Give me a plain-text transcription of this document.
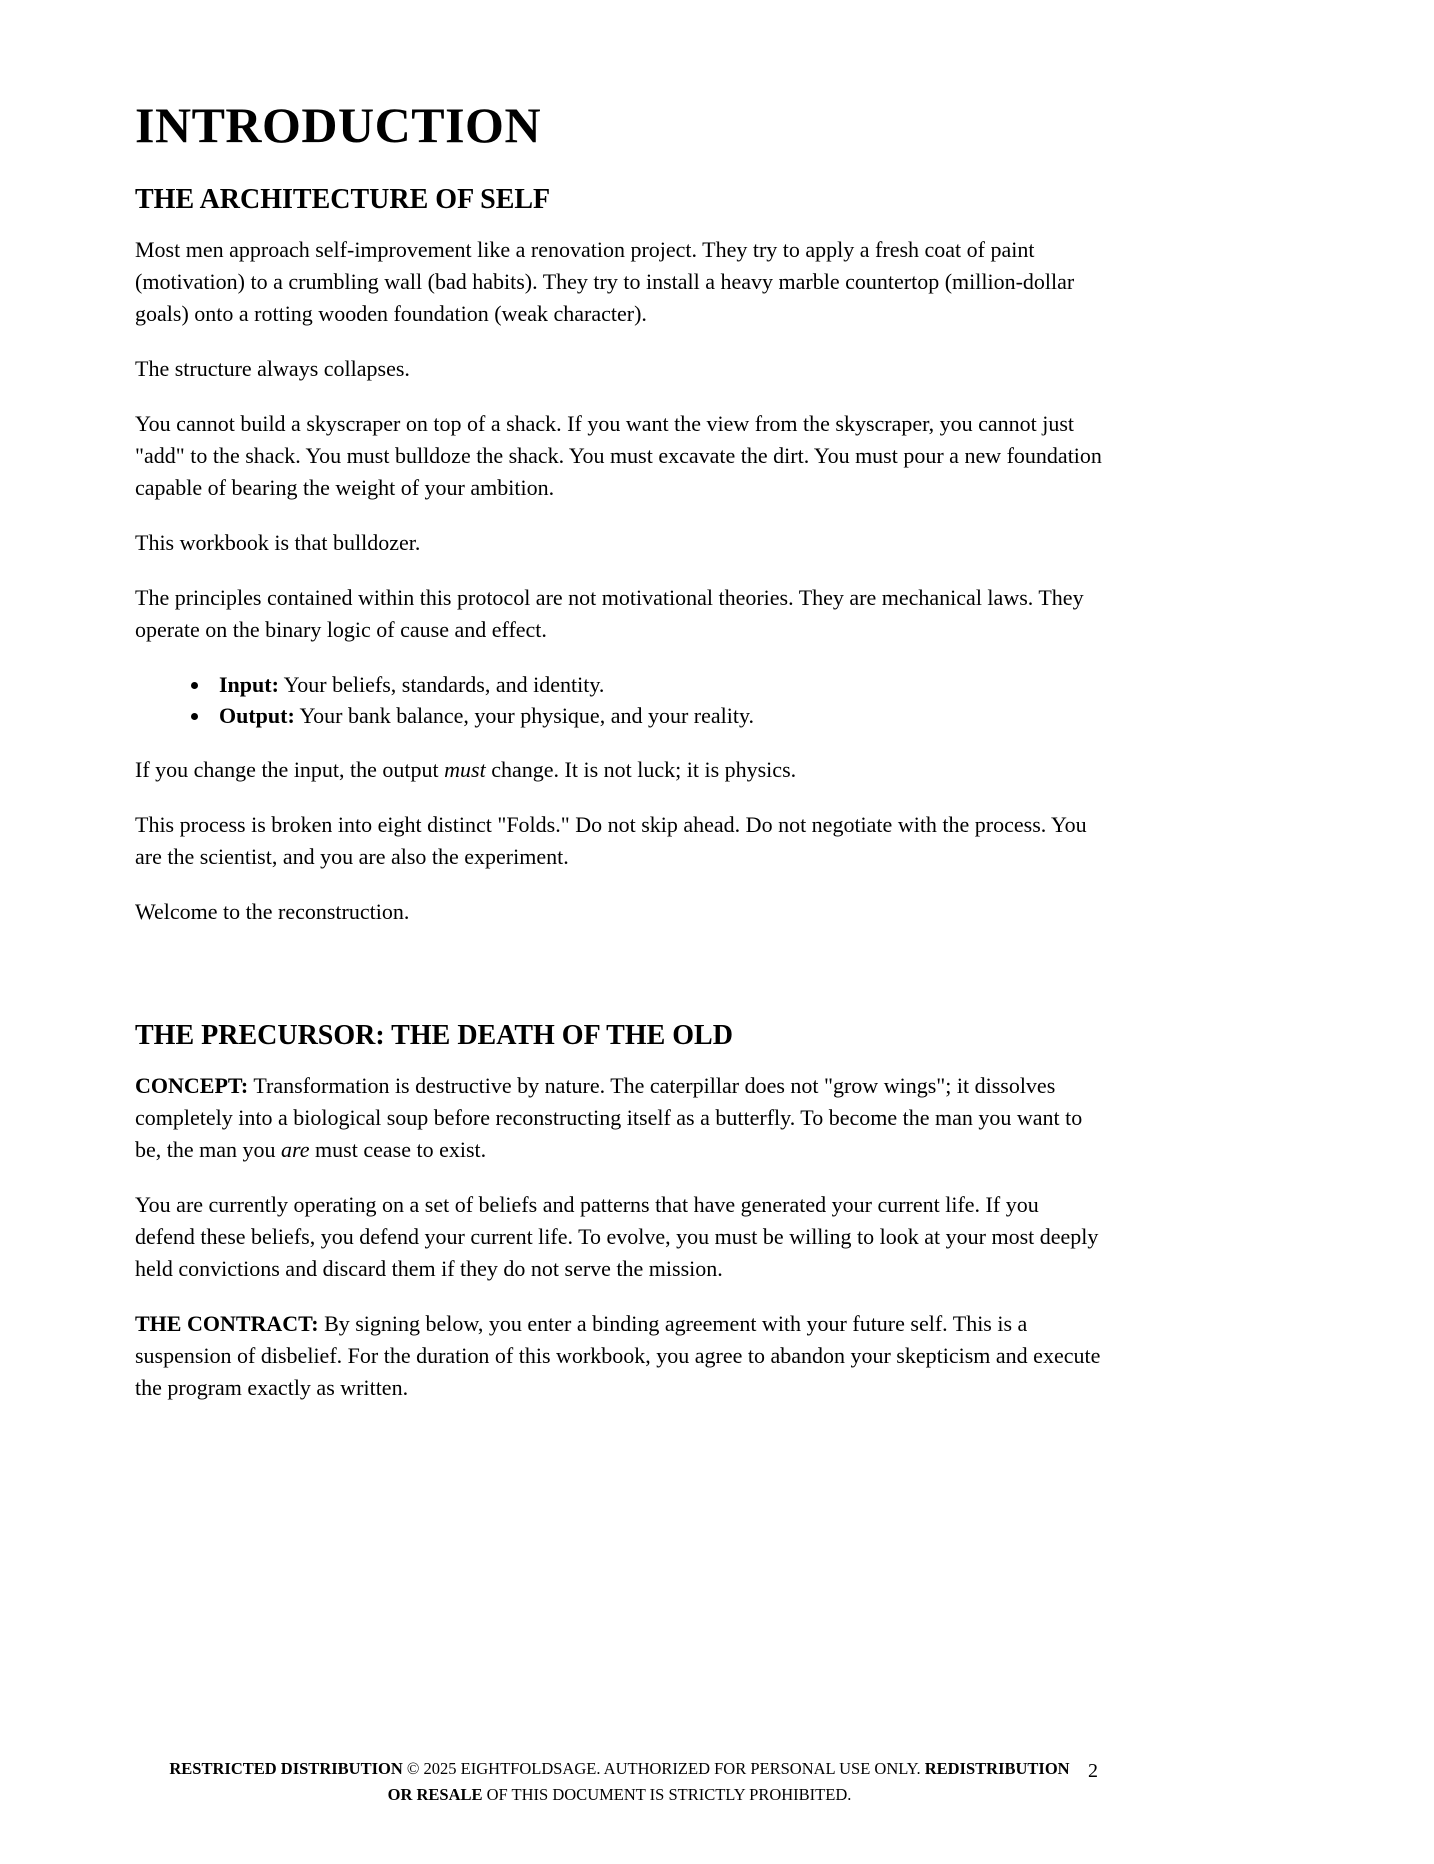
INTRODUCTION
THE ARCHITECTURE OF SELF

Most men approach self-improvement like a renovation project. They try to apply a fresh coat of paint (motivation) to a crumbling wall (bad habits). They try to install a heavy marble countertop (million-dollar goals) onto a rotting wooden foundation (weak character).

The structure always collapses.

You cannot build a skyscraper on top of a shack. If you want the view from the skyscraper, you cannot just "add" to the shack. You must bulldoze the shack. You must excavate the dirt. You must pour a new foundation capable of bearing the weight of your ambition.

This workbook is that bulldozer.

The principles contained within this protocol are not motivational theories. They are mechanical laws. They operate on the binary logic of cause and effect.

• Input: Your beliefs, standards, and identity.
• Output: Your bank balance, your physique, and your reality.

If you change the input, the output must change. It is not luck; it is physics.

This process is broken into eight distinct "Folds." Do not skip ahead. Do not negotiate with the process. You are the scientist, and you are also the experiment.

Welcome to the reconstruction.

THE PRECURSOR: THE DEATH OF THE OLD

CONCEPT: Transformation is destructive by nature. The caterpillar does not "grow wings"; it dissolves completely into a biological soup before reconstructing itself as a butterfly. To become the man you want to be, the man you are must cease to exist.

You are currently operating on a set of beliefs and patterns that have generated your current life. If you defend these beliefs, you defend your current life. To evolve, you must be willing to look at your most deeply held convictions and discard them if they do not serve the mission.

THE CONTRACT: By signing below, you enter a binding agreement with your future self. This is a suspension of disbelief. For the duration of this workbook, you agree to abandon your skepticism and execute the program exactly as written.

RESTRICTED DISTRIBUTION © 2025 EIGHTFOLDSAGE. AUTHORIZED FOR PERSONAL USE ONLY. REDISTRIBUTION OR RESALE OF THIS DOCUMENT IS STRICTLY PROHIBITED.
2
